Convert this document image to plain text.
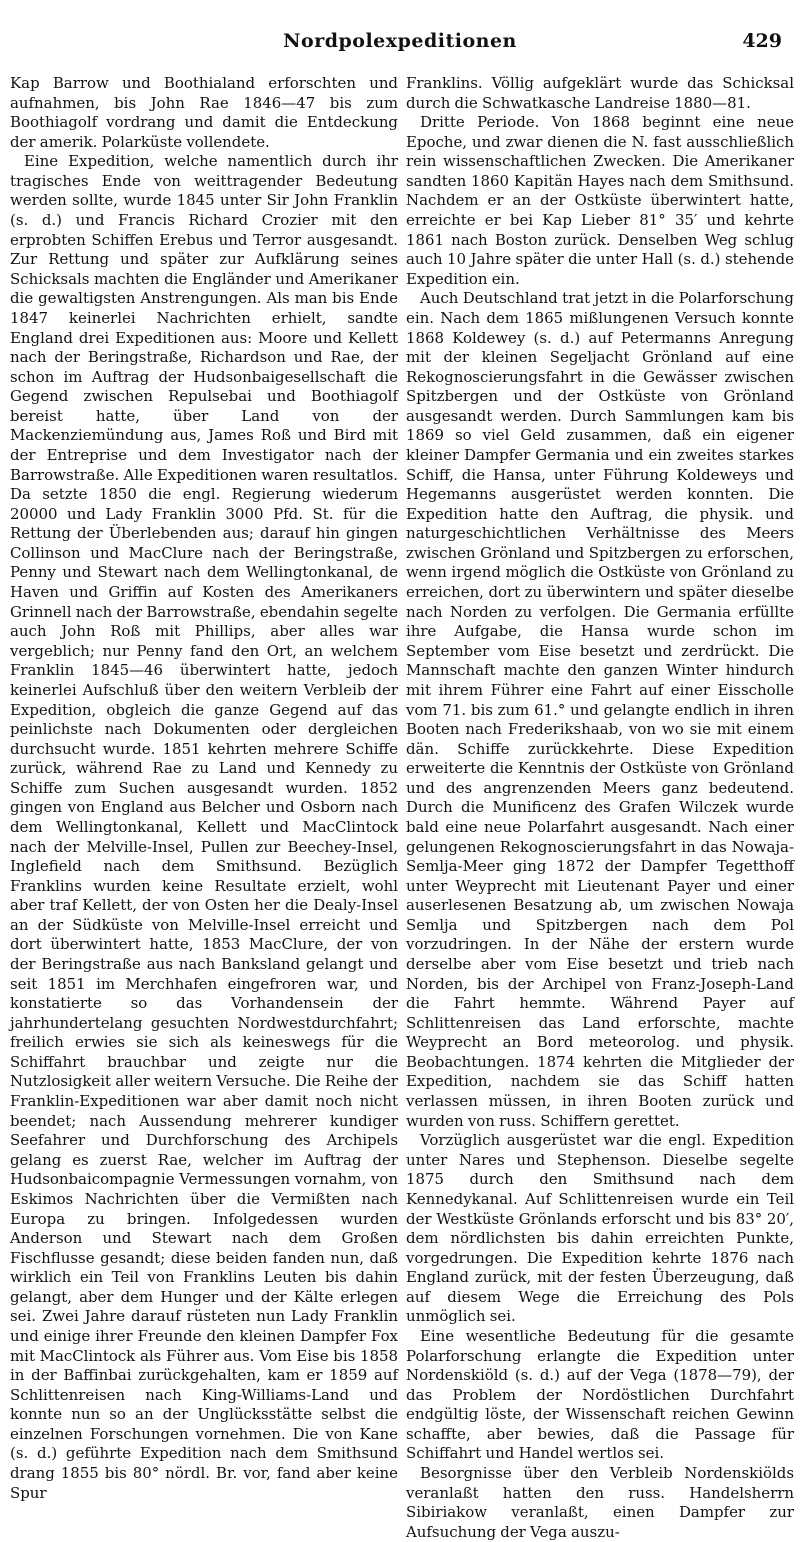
Nordpolexpeditionen	429

Kap Barrow und Boothialand erforschten und aufnahmen, bis John Rae 1846—47 bis zum Boothiagolf vordrang und damit die Entdeckung der amerik. Polarküste vollendete.

Eine Expedition, welche namentlich durch ihr tragisches Ende von weittragender Bedeutung werden sollte, wurde 1845 unter Sir John Franklin (s. d.) und Francis Richard Crozier mit den erprobten Schiffen Erebus und Terror ausgesandt. Zur Rettung und später zur Aufklärung seines Schicksals machten die Engländer und Amerikaner die gewaltigsten Anstrengungen. Als man bis Ende 1847 keinerlei Nachrichten erhielt, sandte England drei Expeditionen aus: Moore und Kellett nach der Beringstraße, Richardson und Rae, der schon im Auftrag der Hudsonbaigesellschaft die Gegend zwischen Repulsebai und Boothiagolf bereist hatte, über Land von der Mackenziemündung aus, James Roß und Bird mit der Entreprise und dem Investigator nach der Barrowstraße. Alle Expeditionen waren resultatlos. Da setzte 1850 die engl. Regierung wiederum 20000 und Lady Franklin 3000 Pfd. St. für die Rettung der Überlebenden aus; darauf hin gingen Collinson und MacClure nach der Beringstraße, Penny und Stewart nach dem Wellingtonkanal, de Haven und Griffin auf Kosten des Amerikaners Grinnell nach der Barrowstraße, ebendahin segelte auch John Roß mit Phillips, aber alles war vergeblich; nur Penny fand den Ort, an welchem Franklin 1845—46 überwintert hatte, jedoch keinerlei Aufschluß über den weitern Verbleib der Expedition, obgleich die ganze Gegend auf das peinlichste nach Dokumenten oder dergleichen durchsucht wurde. 1851 kehrten mehrere Schiffe zurück, während Rae zu Land und Kennedy zu Schiffe zum Suchen ausgesandt wurden. 1852 gingen von England aus Belcher und Osborn nach dem Wellingtonkanal, Kellett und MacClintock nach der Melville-Insel, Pullen zur Beechey-Insel, Inglefield nach dem Smithsund. Bezüglich Franklins wurden keine Resultate erzielt, wohl aber traf Kellett, der von Osten her die Dealy-Insel an der Südküste von Melville-Insel erreicht und dort überwintert hatte, 1853 MacClure, der von der Beringstraße aus nach Banksland gelangt und seit 1851 im Merchhafen eingefroren war, und konstatierte so das Vorhandensein der jahrhundertelang gesuchten Nordwestdurchfahrt; freilich erwies sie sich als keineswegs für die Schiffahrt brauchbar und zeigte nur die Nutzlosigkeit aller weitern Versuche. Die Reihe der Franklin-Expeditionen war aber damit noch nicht beendet; nach Aussendung mehrerer kundiger Seefahrer und Durchforschung des Archipels gelang es zuerst Rae, welcher im Auftrag der Hudsonbaicompagnie Vermessungen vornahm, von Eskimos Nachrichten über die Vermißten nach Europa zu bringen. Infolgedessen wurden Anderson und Stewart nach dem Großen Fischflusse gesandt; diese beiden fanden nun, daß wirklich ein Teil von Franklins Leuten bis dahin gelangt, aber dem Hunger und der Kälte erlegen sei. Zwei Jahre darauf rüsteten nun Lady Franklin und einige ihrer Freunde den kleinen Dampfer Fox mit MacClintock als Führer aus. Vom Eise bis 1858 in der Baffinbai zurückgehalten, kam er 1859 auf Schlittenreisen nach King-Williams-Land und konnte nun so an der Unglücksstätte selbst die einzelnen Forschungen vornehmen. Die von Kane (s. d.) geführte Expedition nach dem Smithsund drang 1855 bis 80° nördl. Br. vor, fand aber keine Spur

Franklins. Völlig aufgeklärt wurde das Schicksal durch die Schwatkasche Landreise 1880—81.

Dritte Periode. Von 1868 beginnt eine neue Epoche, und zwar dienen die N. fast ausschließlich rein wissenschaftlichen Zwecken. Die Amerikaner sandten 1860 Kapitän Hayes nach dem Smithsund. Nachdem er an der Ostküste überwintert hatte, erreichte er bei Kap Lieber 81° 35′ und kehrte 1861 nach Boston zurück. Denselben Weg schlug auch 10 Jahre später die unter Hall (s. d.) stehende Expedition ein.

Auch Deutschland trat jetzt in die Polarforschung ein. Nach dem 1865 mißlungenen Versuch konnte 1868 Koldewey (s. d.) auf Petermanns Anregung mit der kleinen Segeljacht Grönland auf eine Rekognoscierungsfahrt in die Gewässer zwischen Spitzbergen und der Ostküste von Grönland ausgesandt werden. Durch Sammlungen kam bis 1869 so viel Geld zusammen, daß ein eigener kleiner Dampfer Germania und ein zweites starkes Schiff, die Hansa, unter Führung Koldeweys und Hegemanns ausgerüstet werden konnten. Die Expedition hatte den Auftrag, die physik. und naturgeschichtlichen Verhältnisse des Meers zwischen Grönland und Spitzbergen zu erforschen, wenn irgend möglich die Ostküste von Grönland zu erreichen, dort zu überwintern und später dieselbe nach Norden zu verfolgen. Die Germania erfüllte ihre Aufgabe, die Hansa wurde schon im September vom Eise besetzt und zerdrückt. Die Mannschaft machte den ganzen Winter hindurch mit ihrem Führer eine Fahrt auf einer Eisscholle vom 71. bis zum 61.° und gelangte endlich in ihren Booten nach Frederikshaab, von wo sie mit einem dän. Schiffe zurückkehrte. Diese Expedition erweiterte die Kenntnis der Ostküste von Grönland und des angrenzenden Meers ganz bedeutend. Durch die Munificenz des Grafen Wilczek wurde bald eine neue Polarfahrt ausgesandt. Nach einer gelungenen Rekognoscierungsfahrt in das Nowaja-Semlja-Meer ging 1872 der Dampfer Tegetthoff unter Weyprecht mit Lieutenant Payer und einer auserlesenen Besatzung ab, um zwischen Nowaja Semlja und Spitzbergen nach dem Pol vorzudringen. In der Nähe der erstern wurde derselbe aber vom Eise besetzt und trieb nach Norden, bis der Archipel von Franz-Joseph-Land die Fahrt hemmte. Während Payer auf Schlittenreisen das Land erforschte, machte Weyprecht an Bord meteorolog. und physik. Beobachtungen. 1874 kehrten die Mitglieder der Expedition, nachdem sie das Schiff hatten verlassen müssen, in ihren Booten zurück und wurden von russ. Schiffern gerettet.

Vorzüglich ausgerüstet war die engl. Expedition unter Nares und Stephenson. Dieselbe segelte 1875 durch den Smithsund nach dem Kennedykanal. Auf Schlittenreisen wurde ein Teil der Westküste Grönlands erforscht und bis 83° 20′, dem nördlichsten bis dahin erreichten Punkte, vorgedrungen. Die Expedition kehrte 1876 nach England zurück, mit der festen Überzeugung, daß auf diesem Wege die Erreichung des Pols unmöglich sei.

Eine wesentliche Bedeutung für die gesamte Polarforschung erlangte die Expedition unter Nordenskiöld (s. d.) auf der Vega (1878—79), der das Problem der Nordöstlichen Durchfahrt endgültig löste, der Wissenschaft reichen Gewinn schaffte, aber bewies, daß die Passage für Schiffahrt und Handel wertlos sei.

Besorgnisse über den Verbleib Nordenskiölds veranlaßt hatten den russ. Handelsherrn Sibiriakow veranlaßt, einen Dampfer zur Aufsuchung der Vega auszu-
